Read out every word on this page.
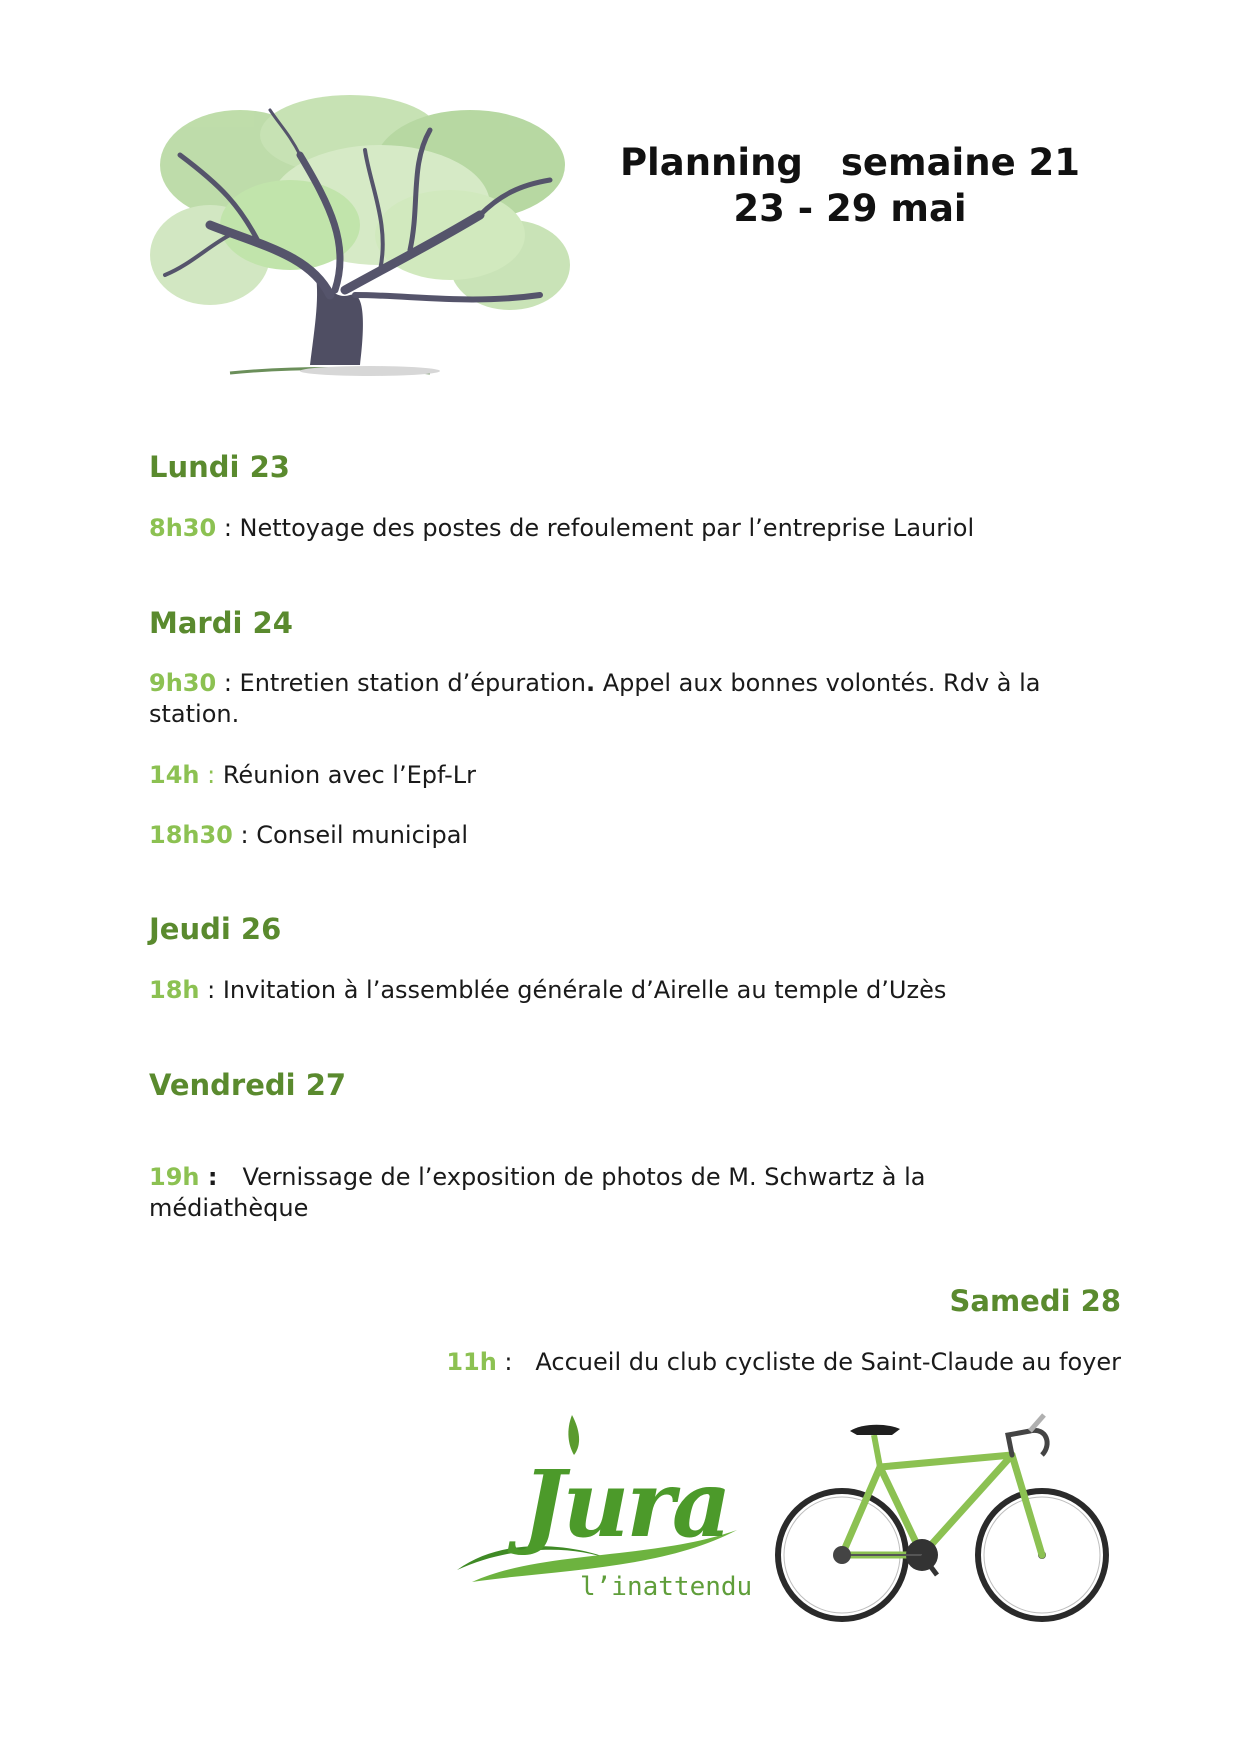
Planning semaine 21
23 - 29 mai
Lundi 23
8h30 : Nettoyage des postes de refoulement par l’entreprise Lauriol
Mardi 24
9h30 : Entretien station d’épuration. Appel aux bonnes volontés. Rdv à la station.
14h : Réunion avec l’Epf-Lr
18h30 : Conseil municipal
Jeudi 26
18h : Invitation à l’assemblée générale d’Airelle au temple d’Uzès
Vendredi 27
19h :   Vernissage de l’exposition de photos de M. Schwartz à la médiathèque
Samedi 28
11h :   Accueil du club cycliste de Saint-Claude au foyer
Jura
l’inattendu
